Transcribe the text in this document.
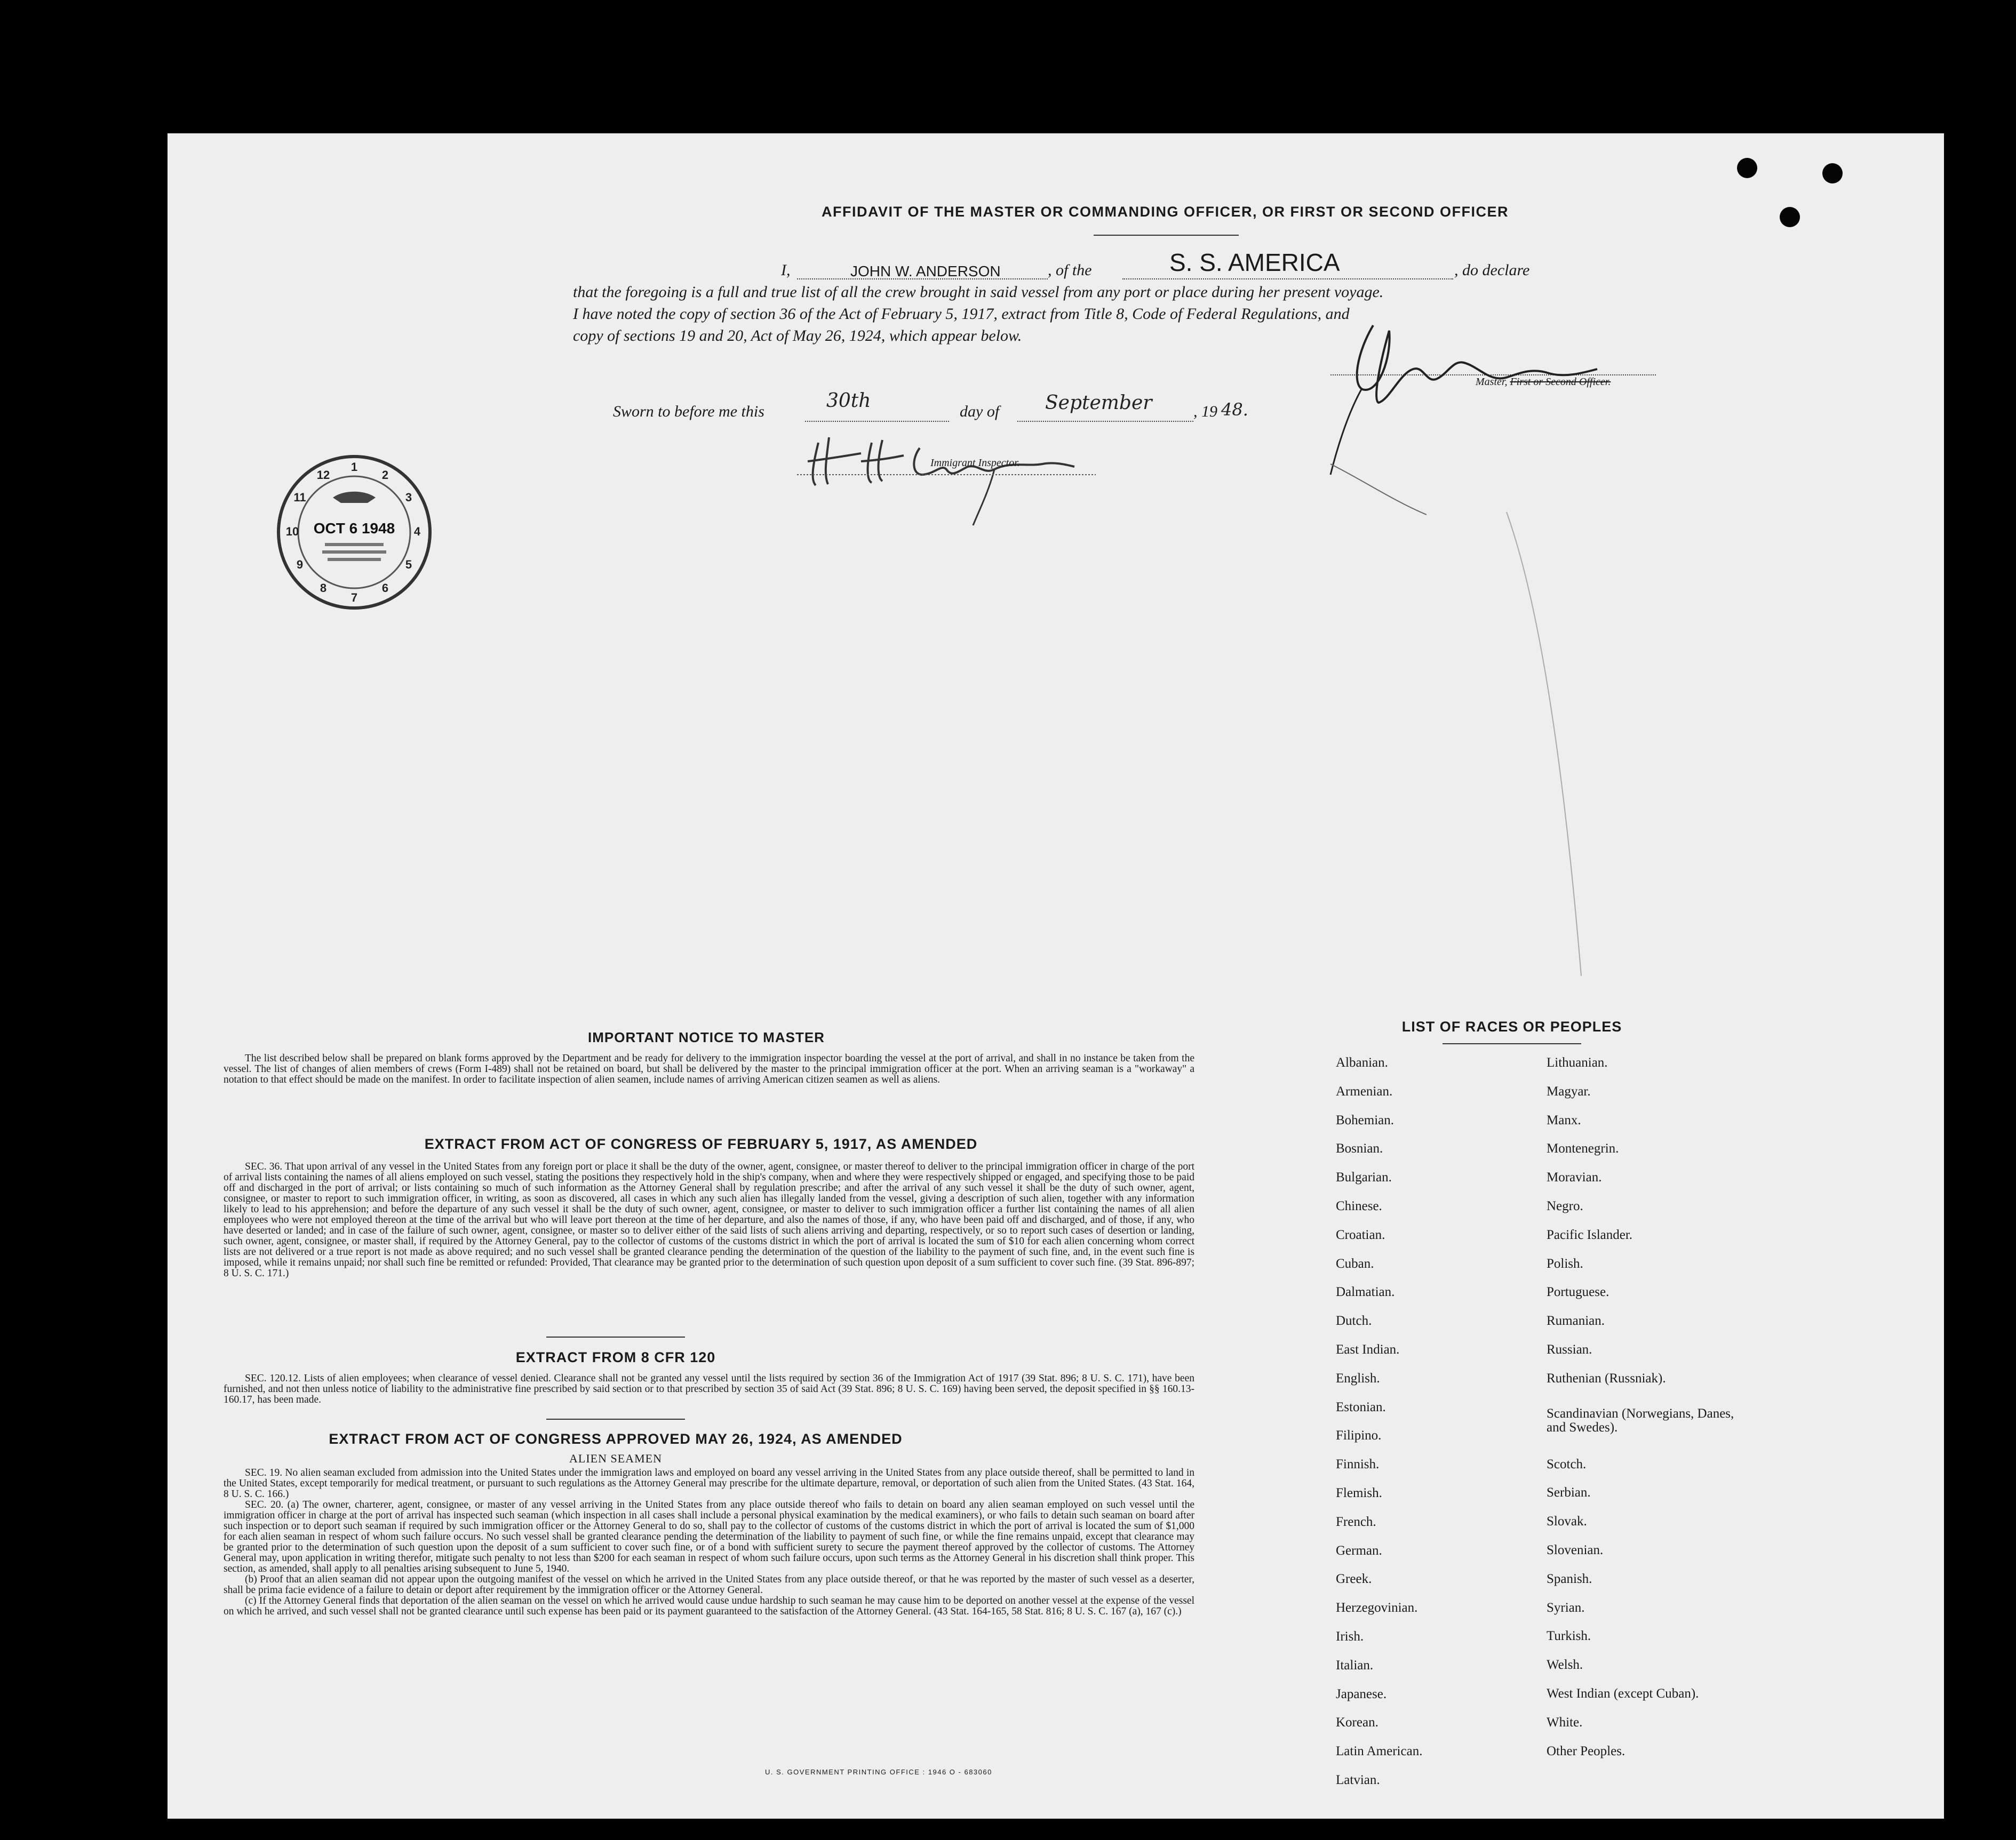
AFFIDAVIT OF THE MASTER OR COMMANDING OFFICER, OR FIRST OR SECOND OFFICER
I,	JOHN W. ANDERSON	, of the	S. S. AMERICA	, do declare
that the foregoing is a full and true list of all the crew brought in said vessel from any port or place during her present voyage.
I have noted the copy of section 36 of the Act of February 5, 1917, extract from Title 8, Code of Federal Regulations, and
copy of sections 19 and 20, Act of May 26, 1924, which appear below.
Master, First or Second Officer.
Sworn to before me this	30th	day of September	, 19 48.
Immigrant Inspector.
1
2
3
4
5
6
7
8
9
10
11
12
OCT 6 1948
IMPORTANT NOTICE TO MASTER
The list described below shall be prepared on blank forms approved by the Department and be ready for delivery to the immigration inspector boarding the vessel at the port of arrival, and shall in no instance be taken from the vessel. The list of changes of alien members of crews (Form I-489) shall not be retained on board, but shall be delivered by the master to the principal immigration officer at the port. When an arriving seaman is a "workaway" a notation to that effect should be made on the manifest. In order to facilitate inspection of alien seamen, include names of arriving American citizen seamen as well as aliens.
EXTRACT FROM ACT OF CONGRESS OF FEBRUARY 5, 1917, AS AMENDED
SEC. 36. That upon arrival of any vessel in the United States from any foreign port or place it shall be the duty of the owner, agent, consignee, or master thereof to deliver to the principal immigration officer in charge of the port of arrival lists containing the names of all aliens employed on such vessel, stating the positions they respectively hold in the ship's company, when and where they were respectively shipped or engaged, and specifying those to be paid off and discharged in the port of arrival; or lists containing so much of such information as the Attorney General shall by regulation prescribe; and after the arrival of any such vessel it shall be the duty of such owner, agent, consignee, or master to report to such immigration officer, in writing, as soon as discovered, all cases in which any such alien has illegally landed from the vessel, giving a description of such alien, together with any information likely to lead to his apprehension; and before the departure of any such vessel it shall be the duty of such owner, agent, consignee, or master to deliver to such immigration officer a further list containing the names of all alien employees who were not employed thereon at the time of the arrival but who will leave port thereon at the time of her departure, and also the names of those, if any, who have been paid off and discharged, and of those, if any, who have deserted or landed; and in case of the failure of such owner, agent, consignee, or master so to deliver either of the said lists of such aliens arriving and departing, respectively, or so to report such cases of desertion or landing, such owner, agent, consignee, or master shall, if required by the Attorney General, pay to the collector of customs of the customs district in which the port of arrival is located the sum of $10 for each alien concerning whom correct lists are not delivered or a true report is not made as above required; and no such vessel shall be granted clearance pending the determination of the question of the liability to the payment of such fine, and, in the event such fine is imposed, while it remains unpaid; nor shall such fine be remitted or refunded: Provided, That clearance may be granted prior to the determination of such question upon deposit of a sum sufficient to cover such fine. (39 Stat. 896-897; 8 U. S. C. 171.)
EXTRACT FROM 8 CFR 120
SEC. 120.12. Lists of alien employees; when clearance of vessel denied. Clearance shall not be granted any vessel until the lists required by section 36 of the Immigration Act of 1917 (39 Stat. 896; 8 U. S. C. 171), have been furnished, and not then unless notice of liability to the administrative fine prescribed by said section or to that prescribed by section 35 of said Act (39 Stat. 896; 8 U. S. C. 169) having been served, the deposit specified in §§ 160.13-160.17, has been made.
EXTRACT FROM ACT OF CONGRESS APPROVED MAY 26, 1924, AS AMENDED
ALIEN SEAMEN

SEC. 19. No alien seaman excluded from admission into the United States under the immigration laws and employed on board any vessel arriving in the United States from any place outside thereof, shall be permitted to land in the United States, except temporarily for medical treatment, or pursuant to such regulations as the Attorney General may prescribe for the ultimate departure, removal, or deportation of such alien from the United States. (43 Stat. 164, 8 U. S. C. 166.)

SEC. 20. (a) The owner, charterer, agent, consignee, or master of any vessel arriving in the United States from any place outside thereof who fails to detain on board any alien seaman employed on such vessel until the immigration officer in charge at the port of arrival has inspected such seaman (which inspection in all cases shall include a personal physical examination by the medical examiners), or who fails to detain such seaman on board after such inspection or to deport such seaman if required by such immigration officer or the Attorney General to do so, shall pay to the collector of customs of the customs district in which the port of arrival is located the sum of $1,000 for each alien seaman in respect of whom such failure occurs. No such vessel shall be granted clearance pending the determination of the liability to payment of such fine, or while the fine remains unpaid, except that clearance may be granted prior to the determination of such question upon the deposit of a sum sufficient to cover such fine, or of a bond with sufficient surety to secure the payment thereof approved by the collector of customs. The Attorney General may, upon application in writing therefor, mitigate such penalty to not less than $200 for each seaman in respect of whom such failure occurs, upon such terms as the Attorney General in his discretion shall think proper. This section, as amended, shall apply to all penalties arising subsequent to June 5, 1940.

(b) Proof that an alien seaman did not appear upon the outgoing manifest of the vessel on which he arrived in the United States from any place outside thereof, or that he was reported by the master of such vessel as a deserter, shall be prima facie evidence of a failure to detain or deport after requirement by the immigration officer or the Attorney General.

(c) If the Attorney General finds that deportation of the alien seaman on the vessel on which he arrived would cause undue hardship to such seaman he may cause him to be deported on another vessel at the expense of the vessel on which he arrived, and such vessel shall not be granted clearance until such expense has been paid or its payment guaranteed to the satisfaction of the Attorney General. (43 Stat. 164-165, 58 Stat. 816; 8 U. S. C. 167 (a), 167 (c).)

U. S. GOVERNMENT PRINTING OFFICE : 1946 O - 683060
LIST OF RACES OR PEOPLES
Albanian.
Armenian.
Bohemian.
Bosnian.
Bulgarian.
Chinese.
Croatian.
Cuban.
Dalmatian.
Dutch.
East Indian.
English.
Estonian.
Filipino.
Finnish.
Flemish.
French.
German.
Greek.
Herzegovinian.
Irish.
Italian.
Japanese.
Korean.
Latin American.
Latvian.
Lithuanian.
Magyar.
Manx.
Montenegrin.
Moravian.
Negro.
Pacific Islander.
Polish.
Portuguese.
Rumanian.
Russian.
Ruthenian (Russniak).
Scandinavian (Norwegians, Danes, and Swedes).
Scotch.
Serbian.
Slovak.
Slovenian.
Spanish.
Syrian.
Turkish.
Welsh.
West Indian (except Cuban).
White.
Other Peoples.
